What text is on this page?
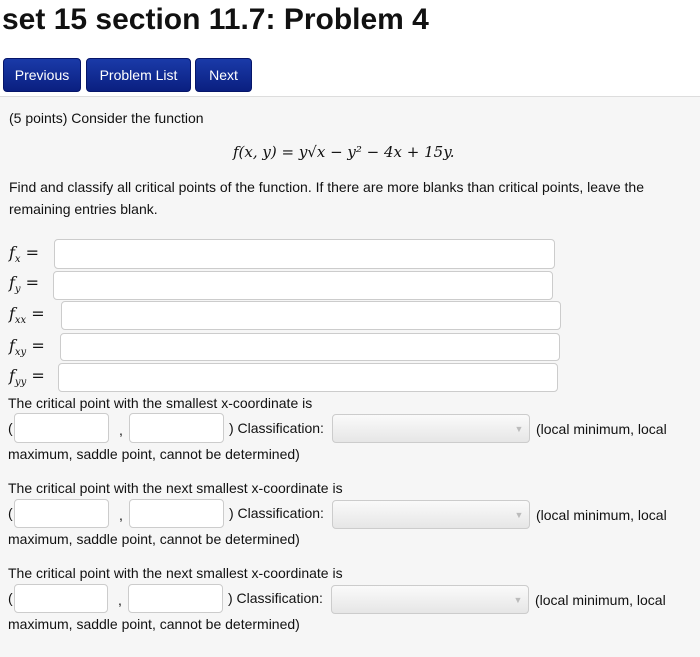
set 15 section 11.7: Problem 4
Previous	Problem List	Next
(5 points) Consider the function
f(x, y) = y√x − y² − 4x + 15y.
Find and classify all critical points of the function. If there are more blanks than critical points, leave the
remaining entries blank.
$f_x$ =
$f_y$ =
$f_{xx}$ =
$f_{xy}$ =
$f_{yy}$ =
The critical point with the smallest x-coordinate is
(	,	) Classification:	▼ (local minimum, local
maximum, saddle point, cannot be determined)
The critical point with the next smallest x-coordinate is
(	,	) Classification:	▼ (local minimum, local
maximum, saddle point, cannot be determined)
The critical point with the next smallest x-coordinate is
(	,	) Classification:	▼ (local minimum, local
maximum, saddle point, cannot be determined)
